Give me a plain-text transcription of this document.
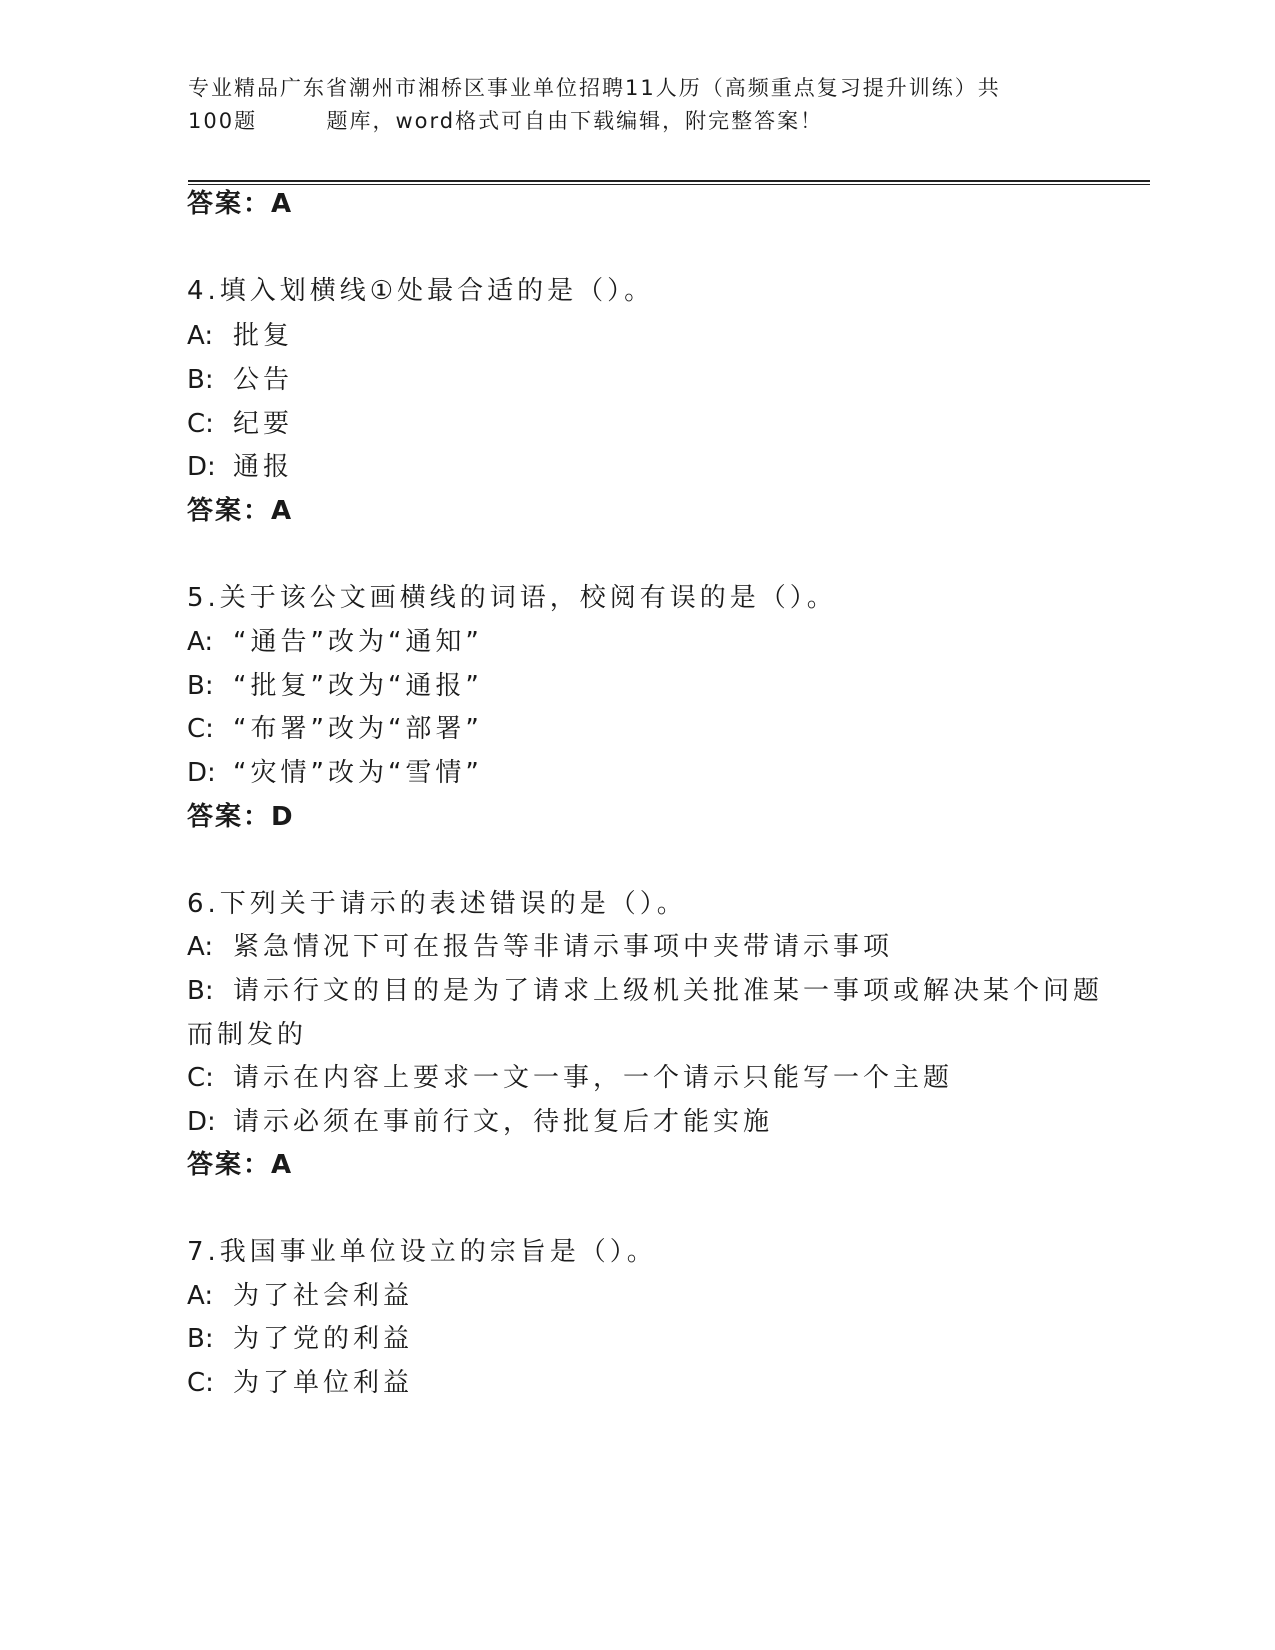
专业精品广东省潮州市湘桥区事业单位招聘11人历（高频重点复习提升训练）共
100题        题库，word格式可自由下载编辑，附完整答案！
答案：A
4.填入划横线①处最合适的是（）。
A: 批复
B: 公告
C: 纪要
D: 通报
答案：A
5.关于该公文画横线的词语，校阅有误的是（）。
A: “通告”改为“通知”
B: “批复”改为“通报”
C: “布署”改为“部署”
D: “灾情”改为“雪情”
答案：D
6.下列关于请示的表述错误的是（）。
A: 紧急情况下可在报告等非请示事项中夹带请示事项
B: 请示行文的目的是为了请求上级机关批准某一事项或解决某个问题
而制发的
C: 请示在内容上要求一文一事，一个请示只能写一个主题
D: 请示必须在事前行文，待批复后才能实施
答案：A
7.我国事业单位设立的宗旨是（）。
A: 为了社会利益
B: 为了党的利益
C: 为了单位利益
